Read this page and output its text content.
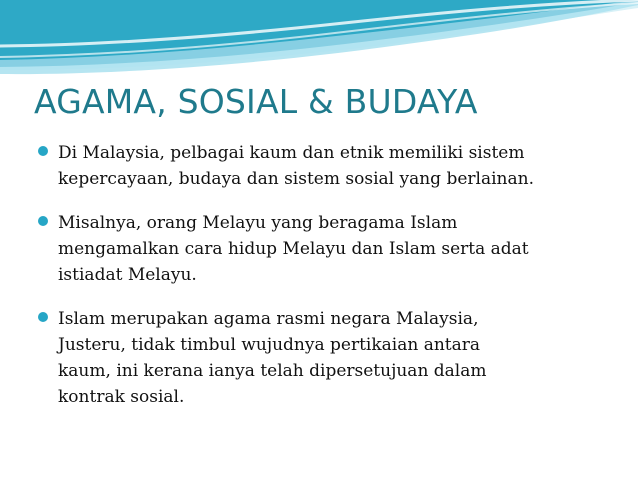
AGAMA, SOSIAL & BUDAYA
Di Malaysia, pelbagai kaum dan etnik memiliki sistem
kepercayaan, budaya dan sistem sosial yang berlainan.
Misalnya, orang Melayu yang beragama Islam
mengamalkan cara hidup Melayu dan Islam serta adat
istiadat Melayu.
Islam merupakan agama rasmi negara Malaysia,
Justeru, tidak timbul wujudnya pertikaian antara
kaum, ini kerana ianya telah dipersetujuan dalam
kontrak sosial.
